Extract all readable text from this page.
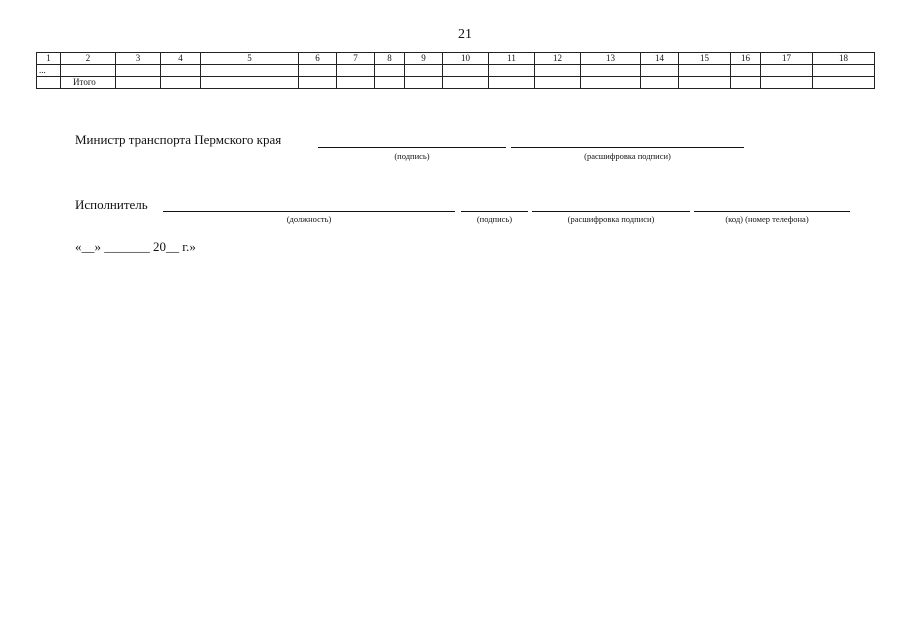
21
1	2	3	4	5	6	7	8	9	10	11	12	13	14	15	16	17	18
...																	
	Итого																
Министр транспорта Пермского края
(подпись)	(расшифровка подписи)
Исполнитель
(должность)	(подпись)	(расшифровка подписи)	(код) (номер телефона)
«__» _______ 20__ г.»
